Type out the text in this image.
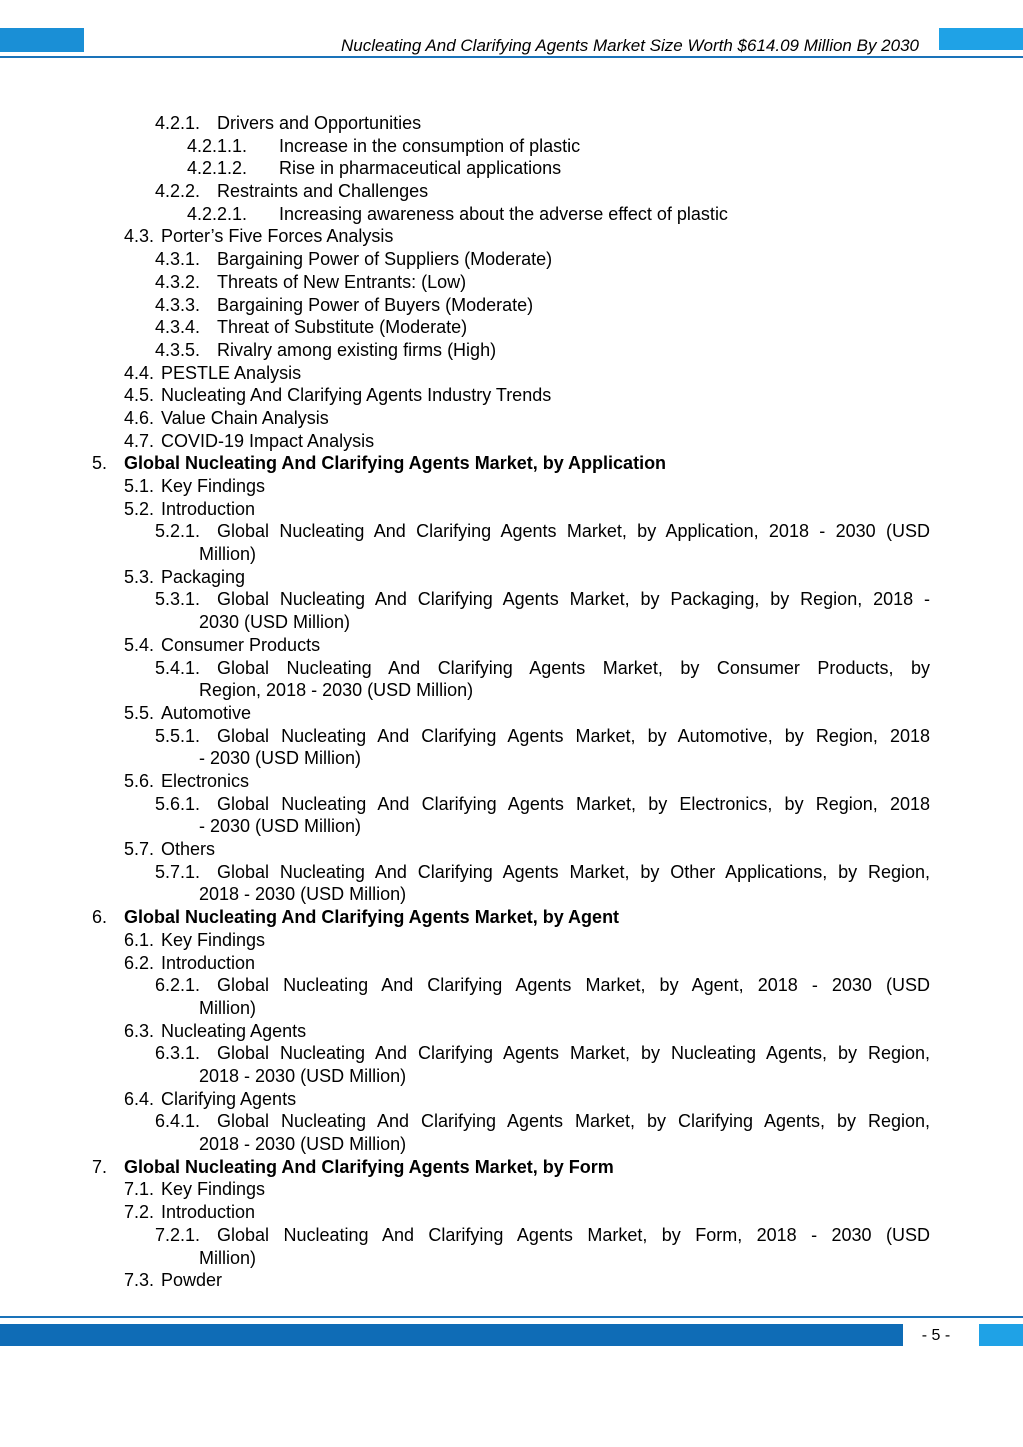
Nucleating And Clarifying Agents Market Size Worth $614.09 Million By 2030
4.2.1. Drivers and Opportunities
4.2.1.1. Increase in the consumption of plastic
4.2.1.2. Rise in pharmaceutical applications
4.2.2. Restraints and Challenges
4.2.2.1. Increasing awareness about the adverse effect of plastic
4.3. Porter’s Five Forces Analysis
4.3.1. Bargaining Power of Suppliers (Moderate)
4.3.2. Threats of New Entrants: (Low)
4.3.3. Bargaining Power of Buyers (Moderate)
4.3.4. Threat of Substitute (Moderate)
4.3.5. Rivalry among existing firms (High)
4.4. PESTLE Analysis
4.5. Nucleating And Clarifying Agents Industry Trends
4.6. Value Chain Analysis
4.7. COVID-19 Impact Analysis
5. Global Nucleating And Clarifying Agents Market, by Application
5.1. Key Findings
5.2. Introduction
5.2.1. Global Nucleating And Clarifying Agents Market, by Application, 2018 - 2030 (USD
Million)
5.3. Packaging
5.3.1. Global Nucleating And Clarifying Agents Market, by Packaging, by Region, 2018 -
2030 (USD Million)
5.4. Consumer Products
5.4.1. Global Nucleating And Clarifying Agents Market, by Consumer Products, by
Region, 2018 - 2030 (USD Million)
5.5. Automotive
5.5.1. Global Nucleating And Clarifying Agents Market, by Automotive, by Region, 2018
- 2030 (USD Million)
5.6. Electronics
5.6.1. Global Nucleating And Clarifying Agents Market, by Electronics, by Region, 2018
- 2030 (USD Million)
5.7. Others
5.7.1. Global Nucleating And Clarifying Agents Market, by Other Applications, by Region,
2018 - 2030 (USD Million)
6. Global Nucleating And Clarifying Agents Market, by Agent
6.1. Key Findings
6.2. Introduction
6.2.1. Global Nucleating And Clarifying Agents Market, by Agent, 2018 - 2030 (USD
Million)
6.3. Nucleating Agents
6.3.1. Global Nucleating And Clarifying Agents Market, by Nucleating Agents, by Region,
2018 - 2030 (USD Million)
6.4. Clarifying Agents
6.4.1. Global Nucleating And Clarifying Agents Market, by Clarifying Agents, by Region,
2018 - 2030 (USD Million)
7. Global Nucleating And Clarifying Agents Market, by Form
7.1. Key Findings
7.2. Introduction
7.2.1. Global Nucleating And Clarifying Agents Market, by Form, 2018 - 2030 (USD
Million)
7.3. Powder
- 5 -
